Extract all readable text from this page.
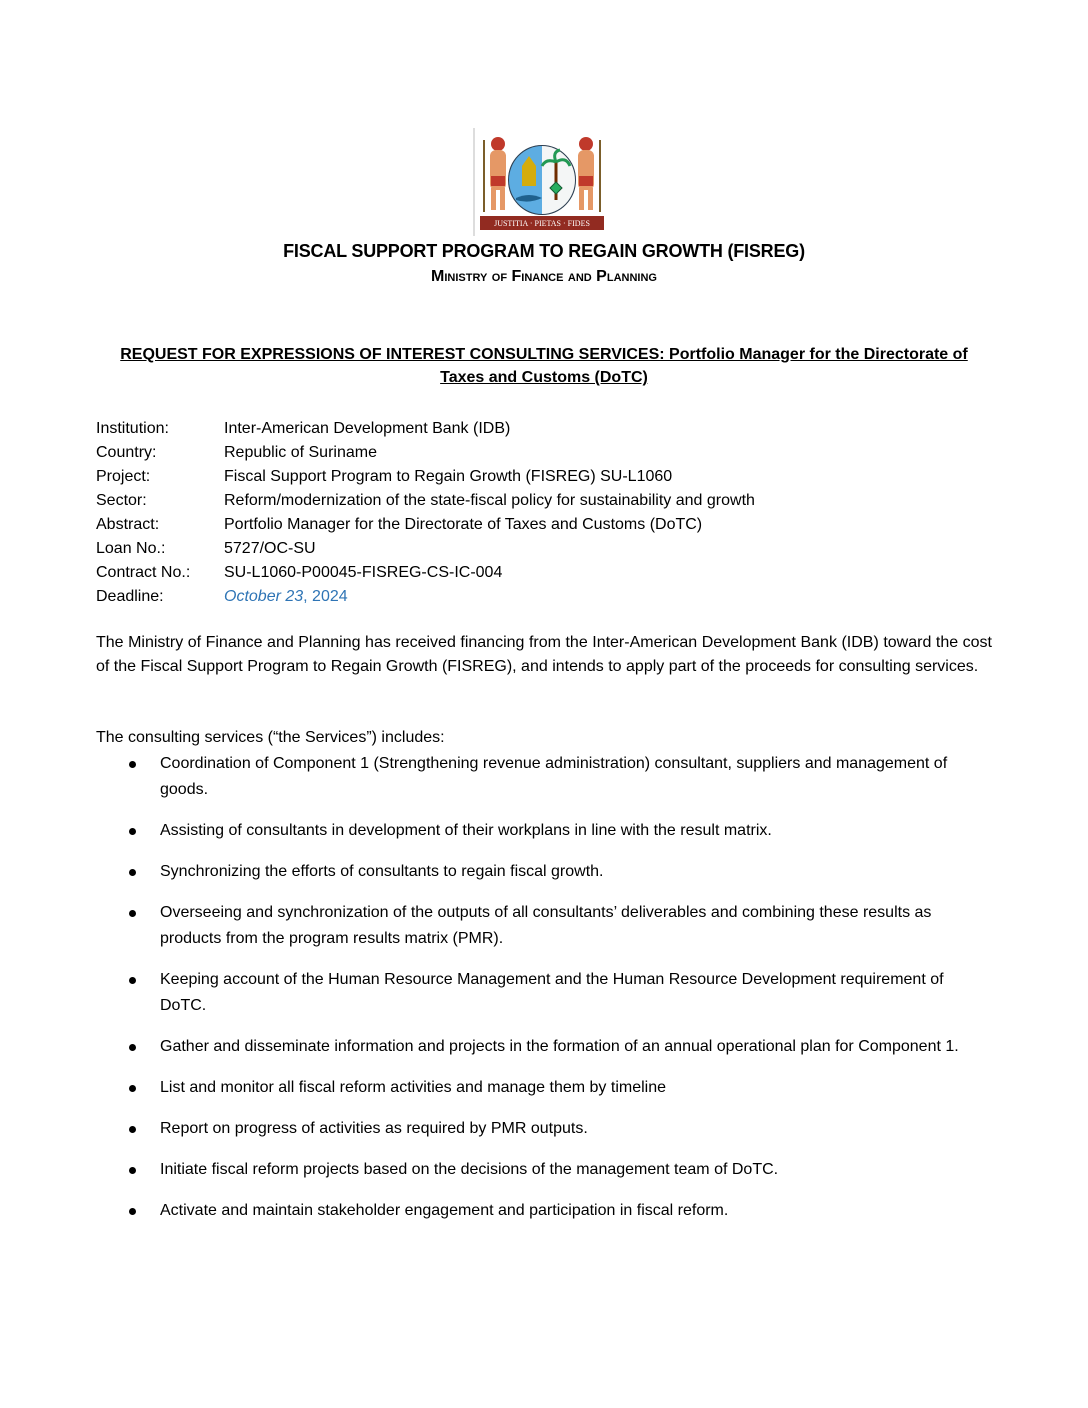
JUSTITIA · PIETAS · FIDES
FISCAL SUPPORT PROGRAM TO REGAIN GROWTH (FISREG)
Ministry of Finance and Planning
REQUEST FOR EXPRESSIONS OF INTEREST CONSULTING SERVICES: Portfolio Manager for the Directorate of Taxes and Customs (DoTC)
Institution:	Inter-American Development Bank (IDB)
Country:	Republic of Suriname
Project:	Fiscal Support Program to Regain Growth (FISREG) SU-L1060
Sector:	Reform/modernization of the state-fiscal policy for sustainability and growth
Abstract:	Portfolio Manager for the Directorate of Taxes and Customs (DoTC)
Loan No.:	5727/OC-SU
Contract No.:	SU-L1060-P00045-FISREG-CS-IC-004
Deadline:	October 23, 2024
The Ministry of Finance and Planning has received financing from the Inter-American Development Bank (IDB) toward the cost of the Fiscal Support Program to Regain Growth (FISREG), and intends to apply part of the proceeds for consulting services.
The consulting services (“the Services”) includes:
Coordination of Component 1 (Strengthening revenue administration) consultant, suppliers and management of goods.
Assisting of consultants in development of their workplans in line with the result matrix.
Synchronizing the efforts of consultants to regain fiscal growth.
Overseeing and synchronization of the outputs of all consultants’ deliverables and combining these results as products from the program results matrix (PMR).
Keeping account of the Human Resource Management and the Human Resource Development requirement of DoTC.
Gather and disseminate information and projects in the formation of an annual operational plan for Component 1.
List and monitor all fiscal reform activities and manage them by timeline
Report on progress of activities as required by PMR outputs.
Initiate fiscal reform projects based on the decisions of the management team of DoTC.
Activate and maintain stakeholder engagement and participation in fiscal reform.
